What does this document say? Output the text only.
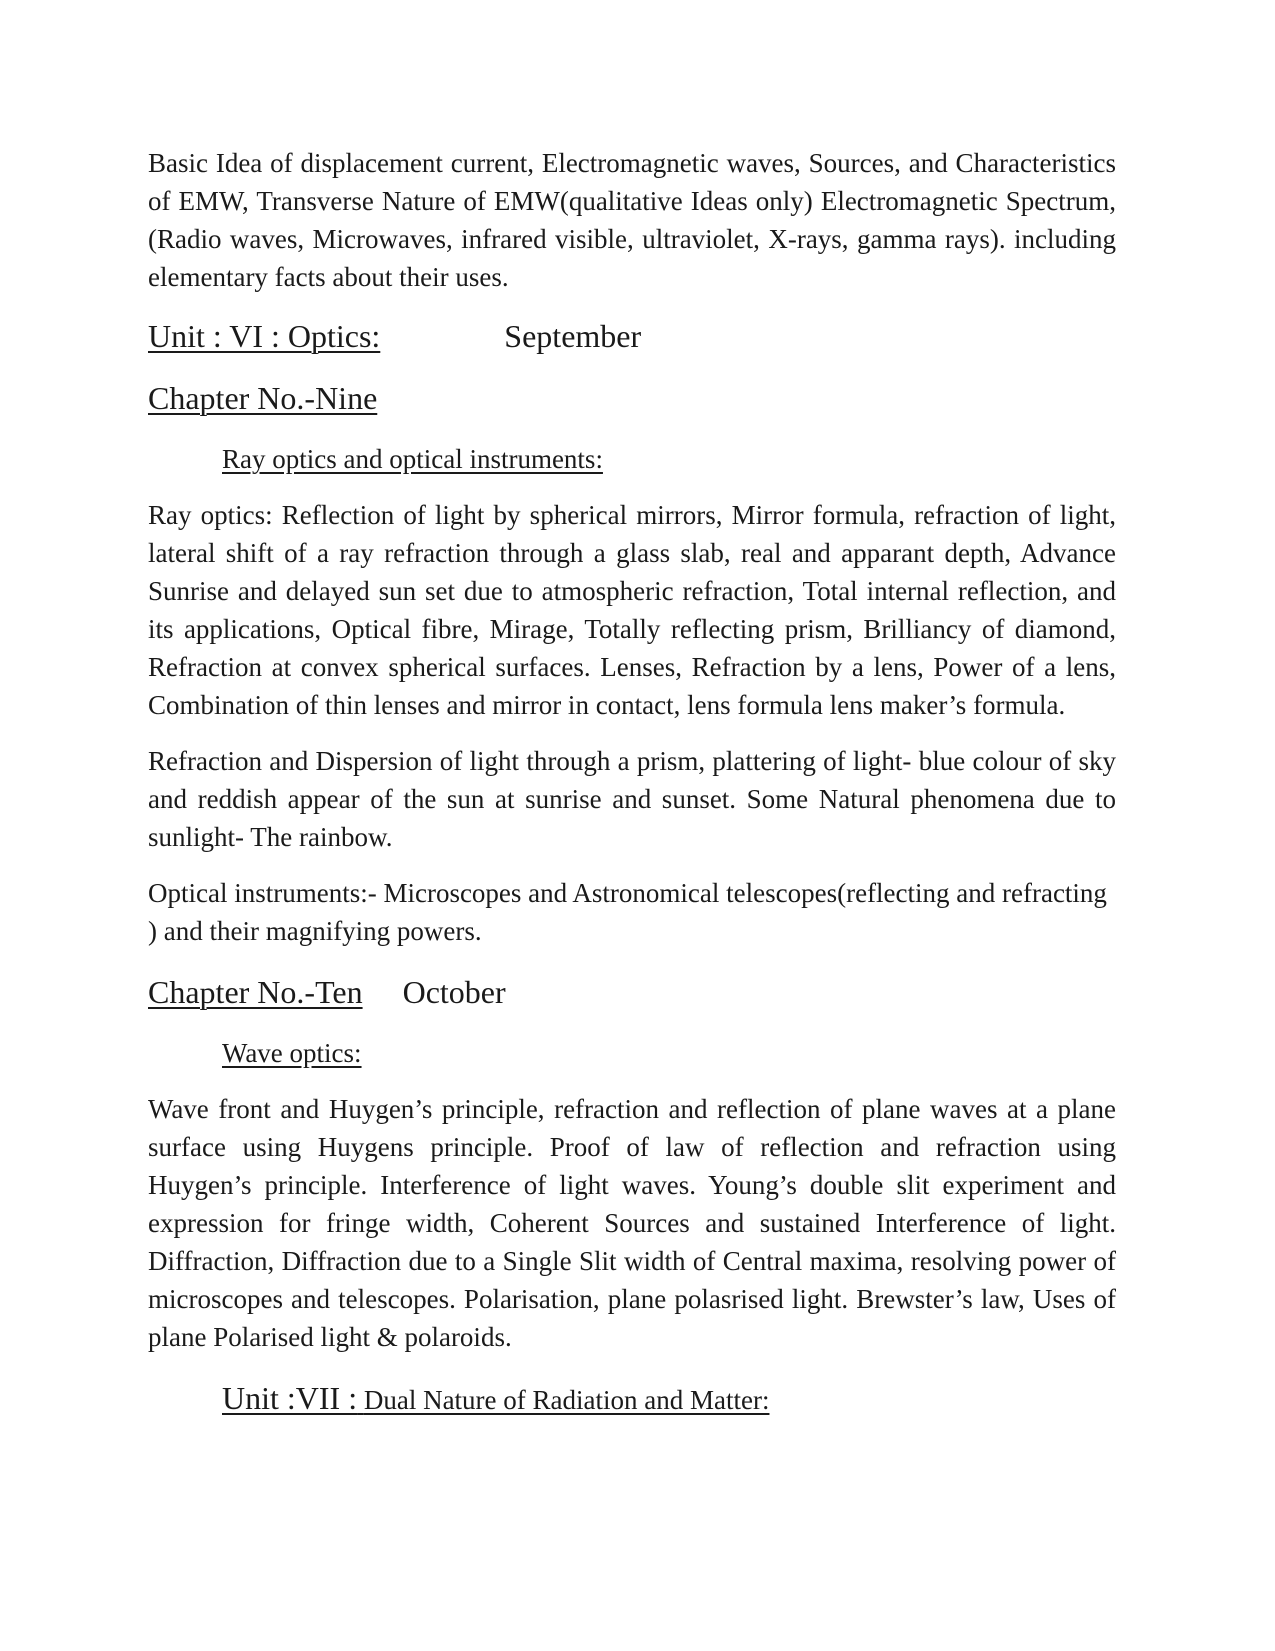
Basic Idea of displacement current, Electromagnetic waves, Sources, and Characteristics of EMW, Transverse Nature of EMW(qualitative Ideas only) Electromagnetic Spectrum,(Radio waves, Microwaves, infrared visible, ultraviolet, X-rays, gamma rays). including elementary facts about their uses.

Unit : VI : Optics:	September
Chapter No.-Nine

Ray optics and optical instruments:

Ray optics: Reflection of light by spherical mirrors, Mirror formula, refraction of light, lateral shift of a ray refraction through a glass slab, real and apparant depth, Advance Sunrise and delayed sun set due to atmospheric refraction, Total internal reflection, and its applications, Optical fibre, Mirage, Totally reflecting prism, Brilliancy of diamond, Refraction at convex spherical surfaces. Lenses, Refraction by a lens, Power of a lens, Combination of thin lenses and mirror in contact, lens formula lens maker’s formula.

Refraction and Dispersion of light through a prism, plattering of light- blue colour of sky and reddish appear of the sun at sunrise and sunset. Some Natural phenomena due to sunlight- The rainbow.

Optical instruments:- Microscopes and Astronomical telescopes(reflecting and refracting ) and their magnifying powers.

Chapter No.-Ten October

Wave optics:

Wave front and Huygen’s principle, refraction and reflection of plane waves at a plane surface using Huygens principle. Proof of law of reflection and refraction using Huygen’s principle. Interference of light waves. Young’s double slit experiment and expression for fringe width, Coherent Sources and sustained Interference of light. Diffraction, Diffraction due to a Single Slit width of Central maxima, resolving power of microscopes and telescopes. Polarisation, plane polasrised light. Brewster’s law, Uses of plane Polarised light & polaroids.

Unit :VII : Dual Nature of Radiation and Matter:
